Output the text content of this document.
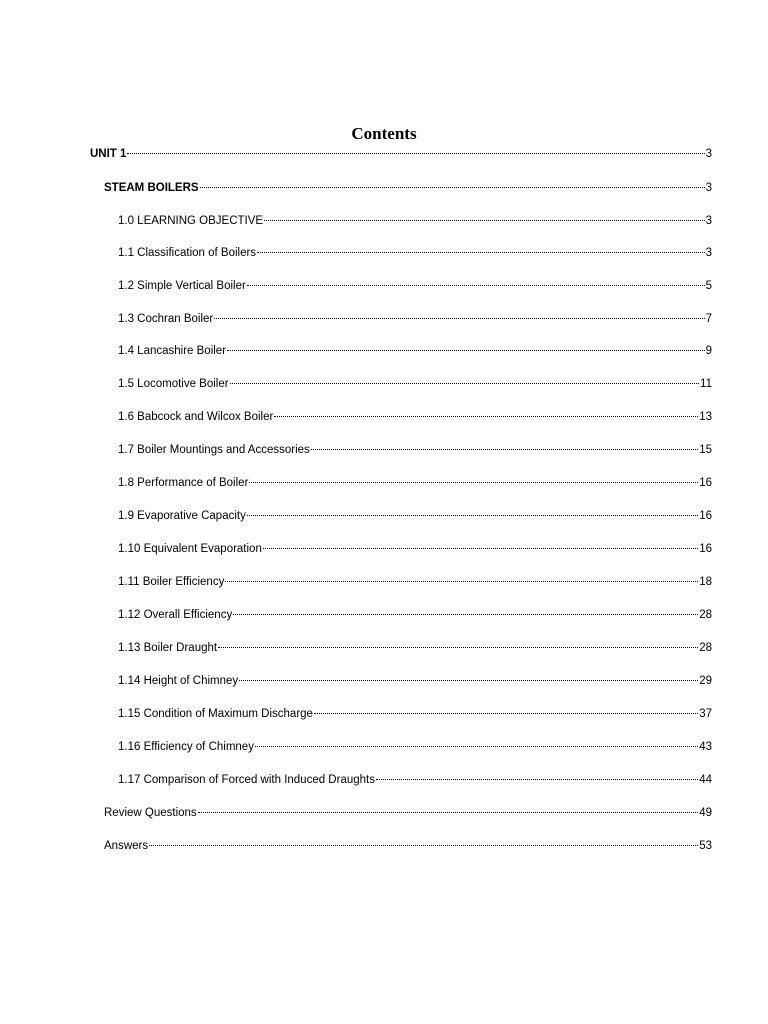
Contents
UNIT 1	3
STEAM BOILERS	3
1.0 LEARNING OBJECTIVE	3
1.1 Classification of Boilers	3
1.2 Simple Vertical Boiler	5
1.3 Cochran Boiler	7
1.4 Lancashire Boiler	9
1.5 Locomotive Boiler	11
1.6 Babcock and Wilcox Boiler	13
1.7 Boiler Mountings and Accessories	15
1.8 Performance of Boiler	16
1.9 Evaporative Capacity	16
1.10 Equivalent Evaporation	16
1.11 Boiler Efficiency	18
1.12 Overall Efficiency	28
1.13 Boiler Draught	28
1.14 Height of Chimney	29
1.15 Condition of Maximum Discharge	37
1.16 Efficiency of Chimney	43
1.17 Comparison of Forced with Induced Draughts	44
Review Questions	49
Answers	53
